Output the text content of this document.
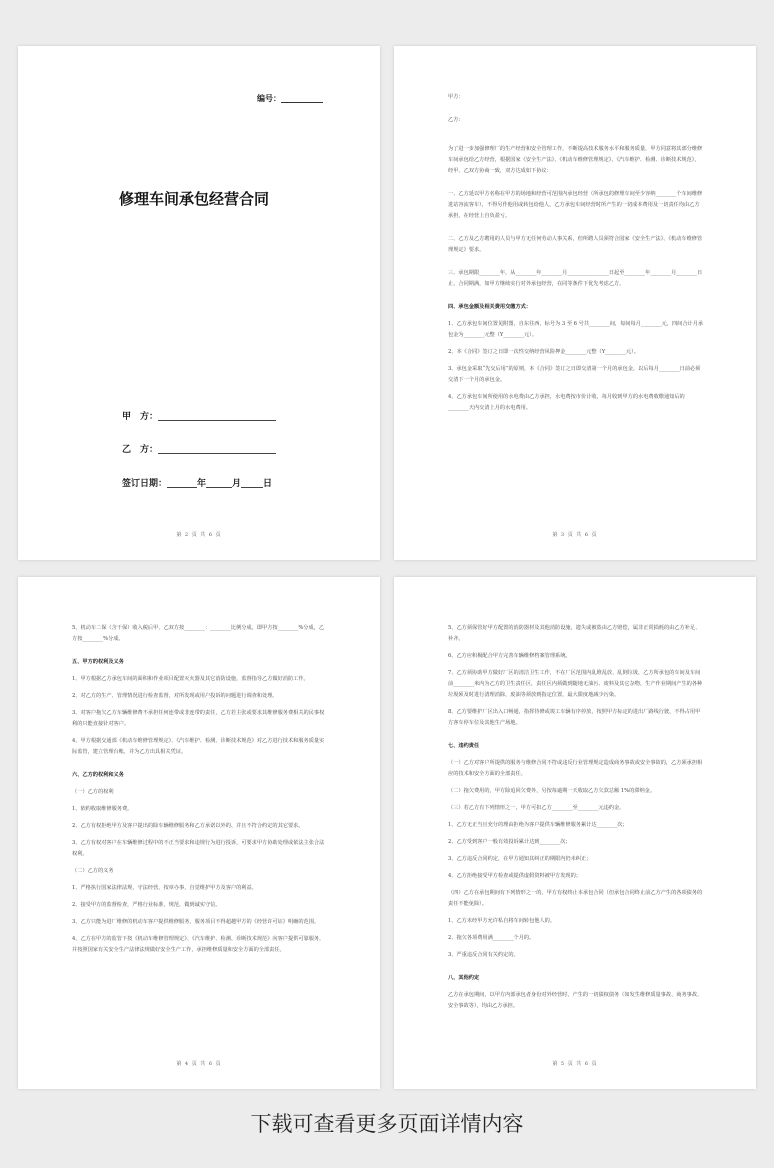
编号：
修理车间承包经营合同
甲　方：
乙　方：
签订日期：	年	月 日
第 2 页 共 6 页

甲方：

乙方：

为了进一步加强修理厂的生产经营和安全管理工作，不断提高技术服务水平和服务质量，甲方同意将其部分维修车间承包给乙方经营，根据国家《安全生产法》、《机动车维修管理规定》、《汽车维护、检测、诊断技术规范》，经甲、乙双方协商一致，双方达成如下协议：

一、乙方延以甲方名称在甲方的场地和经营可范围内承包经营（所承包的修理车间至少容纳________个车间维修进站容流客车），不得另作他用或转包给他人，乙方承包车间经营时所产生的一切成本费用及一切责任均由乙方承担，在经营上自负盈亏。

二、乙方及乙方聘用的人员与甲方无任何劳动人事关系，但所聘人员须符合国家《安全生产法》、《机动车维修管理规定》要求。

三、承包期限________年，从________年________月________________日起至________年________月________日止，合同期满，如甲方继续实行对外承包经营，在同等条件下优先考虑乙方。

四、承包金额及相关费用交缴方式：

1、乙方承包车间位置见附图，自东往西，标号为 3 至 6 号共________间，每间每月________元，四间合计月承包金为________元整（Y________元）。

2、本《合同》签订之日即一次性交纳经营风险押金________元整（Y________元）。

3、承包金采取“先交后用”的原则，本《合同》签订之日即交清第一个月的承包金，以后每月________日前必须交清下一个月的承包金。

4、乙方承包车间所使用的水电费由乙方承担，水电费按市价计收，每月收到甲方的水电费收缴通知后的________天内交清上月的水电费用。

第 3 页 共 6 页

5、机动车二保（含干保）收入税后甲、乙双方按________：________比例分成，即甲方按________%分成，乙方按________%分成。

五、甲方的权利及义务

1、甲方根据乙方承包车间的面积和作业项目配置灭火器及其它消防设施，监督指导乙方做好消防工作。

2、对乙方的生产、管理情况进行检查监督，对所发现或用户投诉的问题进行调查和处理。

3、对客户拖欠乙方车辆维修费不承担任何连带或非连带的责任，乙方若主张或要求其维修服务费相关的民事权利的只能直接针对客户。

4、甲方根据交通部《机动车维修管理规定》、《汽车维护、检测、诊断技术规范》对乙方进行技术和服务质量实际监管，建立管理台帐，并为乙方出具相关凭证。

六、乙方的权利和义务

（一）乙方的权利

1、依约收取维修服务费。

2、乙方有权拒绝甲方及客户提出的除车辆维修服务和乙方承诺以外的、并且不符合约定的其它要求。

3、乙方有权对客户在车辆维修过程中的不正当要求和违规行为进行投诉，可要求甲方协助处理或依法主张合法权利。

（二）乙方的义务

1、严格执行国家法律法规，守法经营，按章办事，自觉维护甲方及客户的利益。

2、接受甲方的监督检查，严格行业标准、规范，做到诚实守信。

3、乙方只能为进厂维修的机动车客户提供维修服务，服务项目不得超越甲方的《经营许可证》明确的范围。

4、乙方在甲方的监管下按《机动车维修管理规定》、《汽车维护、检测、诊断技术规范》向客户提供可靠服务，并按照国家有关安全生产法律法规做好安全生产工作，承担维修质量和安全方面的全部责任。

第 4 页 共 6 页

5、乙方须保管好甲方配置的消防器材及其他消防设施，遗失或被盗由乙方赔偿，属非正常损耗的由乙方补足、补齐。

6、乙方应积极配合甲方完善车辆维修档案管理系统。

7、乙方须协助甲方做好厂区的清洁卫生工作，不在厂区范围内乱堆乱放、乱倒垃圾，乙方所承包的车间及车间前________米内为乙方的卫生责任区，责任区内须做到随地无油污、废料及其它杂物，生产作业期间产生的各种垃圾须及时进行清理消除，废油等须放到指定位置，最大限度地减少污染。

8、乙方要维护厂区出入口畅通，指挥待修或竣工车辆有序停放，按照甲方标定的进出厂路线行驶，不得占用甲方客车停车位及其他生产场地。

七、违约责任

（一）乙方对客户所提供的服务与维修合同不符或违反行业管理规定造成商务事故或安全事故的，乙方须承担相应的技术和安全方面的全部责任。

（二）拖欠费用的，甲方除追回欠费外，另按每逾期一天收取乙方欠款总额 1%的滞纳金。

（三）若乙方有下列情形之一，甲方可扣乙方________至________元违约金。

1、乙方无正当且充分的理由拒绝为客户提供车辆维修服务累计达________次；

2、乙方受到客户一般有效投诉累计达到________次；

3、乙方违反合同约定，在甲方通知其纠正的期限内仍未纠正；

4、乙方拒绝接受甲方检查或提供虚假资料被甲方发现的；

（四）乙方在承包期间有下列情形之一的，甲方有权终止本承包合同（但承包合同终止前乙方产生的各项债务的责任不能免除）。

1、乙方未经甲方允许私自将车间转包他人的。

2、拖欠各项费用满________个月的。

3、严重违反合同有关约定的。

八、其他约定

乙方在承包期间，以甲方内部承包者身份对外经营时，产生的一切债权债务（如发生维修质量事故、商务事故、安全事故等），均由乙方承担。

第 5 页 共 6 页
下载可查看更多页面详情内容
